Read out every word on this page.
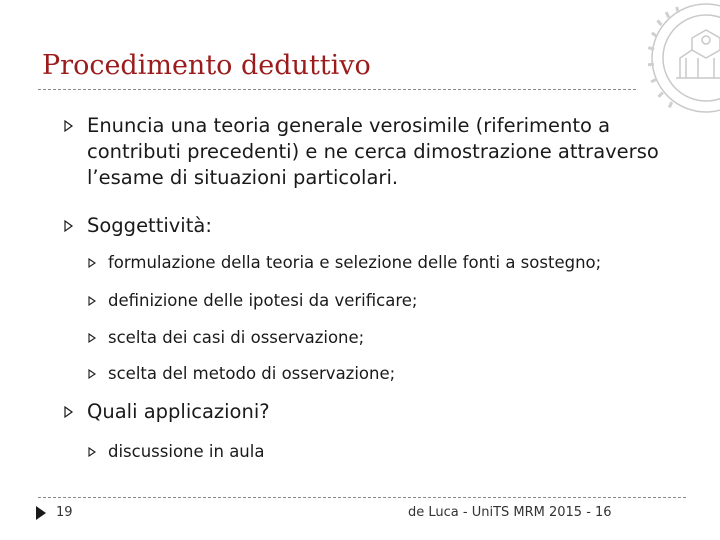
Procedimento deduttivo
Enuncia una teoria generale verosimile (riferimento a
contributi precedenti) e ne cerca dimostrazione attraverso
l’esame di situazioni particolari.
Soggettività:
formulazione della teoria e selezione delle fonti a sostegno;
definizione delle ipotesi da verificare;
scelta dei casi di osservazione;
scelta del metodo di osservazione;
Quali applicazioni?
discussione in aula
19	de Luca - UniTS MRM 2015 - 16
